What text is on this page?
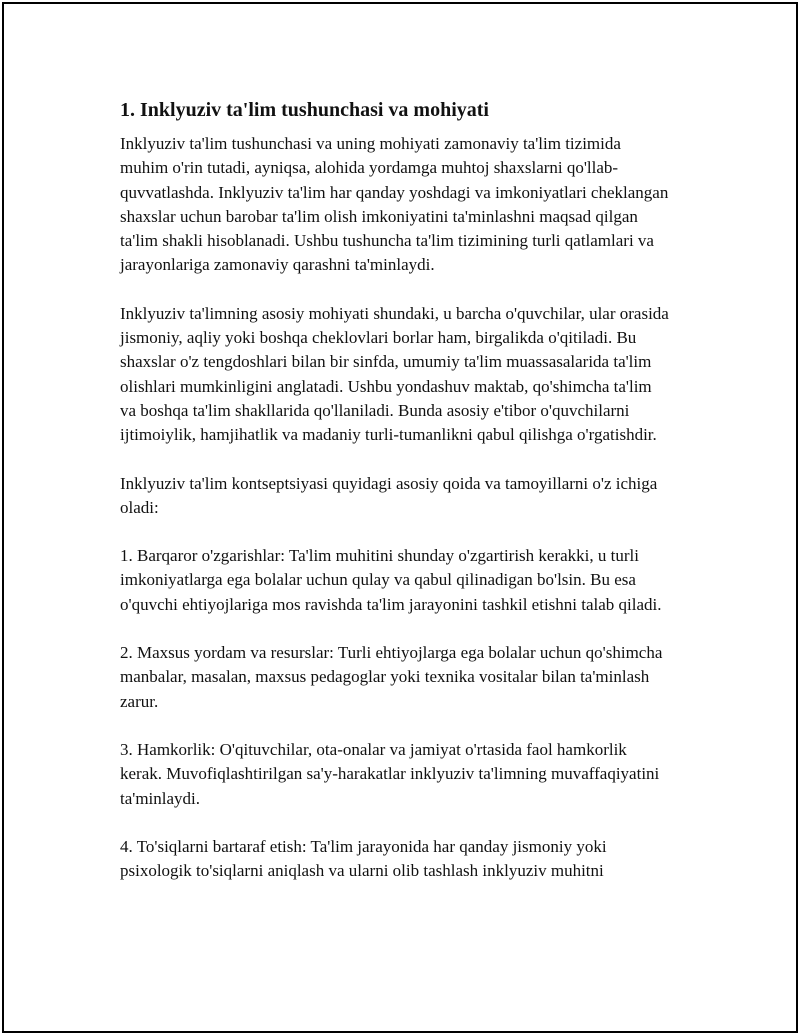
1. Inklyuziv ta'lim tushunchasi va mohiyati

Inklyuziv ta'lim tushunchasi va uning mohiyati zamonaviy ta'lim tizimida muhim o'rin tutadi, ayniqsa, alohida yordamga muhtoj shaxslarni qo'llab-quvvatlashda. Inklyuziv ta'lim har qanday yoshdagi va imkoniyatlari cheklangan shaxslar uchun barobar ta'lim olish imkoniyatini ta'minlashni maqsad qilgan ta'lim shakli hisoblanadi. Ushbu tushuncha ta'lim tizimining turli qatlamlari va jarayonlariga zamonaviy qarashni ta'minlaydi.

Inklyuziv ta'limning asosiy mohiyati shundaki, u barcha o'quvchilar, ular orasida jismoniy, aqliy yoki boshqa cheklovlari borlar ham, birgalikda o'qitiladi. Bu shaxslar o'z tengdoshlari bilan bir sinfda, umumiy ta'lim muassasalarida ta'lim olishlari mumkinligini anglatadi. Ushbu yondashuv maktab, qo'shimcha ta'lim va boshqa ta'lim shakllarida qo'llaniladi. Bunda asosiy e'tibor o'quvchilarni ijtimoiylik, hamjihatlik va madaniy turli-tumanlikni qabul qilishga o'rgatishdir.

Inklyuziv ta'lim kontseptsiyasi quyidagi asosiy qoida va tamoyillarni o'z ichiga oladi:

1. Barqaror o'zgarishlar: Ta'lim muhitini shunday o'zgartirish kerakki, u turli imkoniyatlarga ega bolalar uchun qulay va qabul qilinadigan bo'lsin. Bu esa o'quvchi ehtiyojlariga mos ravishda ta'lim jarayonini tashkil etishni talab qiladi.

2. Maxsus yordam va resurslar: Turli ehtiyojlarga ega bolalar uchun qo'shimcha manbalar, masalan, maxsus pedagoglar yoki texnika vositalar bilan ta'minlash zarur.

3. Hamkorlik: O'qituvchilar, ota-onalar va jamiyat o'rtasida faol hamkorlik kerak. Muvofiqlashtirilgan sa'y-harakatlar inklyuziv ta'limning muvaffaqiyatini ta'minlaydi.

4. To'siqlarni bartaraf etish: Ta'lim jarayonida har qanday jismoniy yoki psixologik to'siqlarni aniqlash va ularni olib tashlash inklyuziv muhitni
